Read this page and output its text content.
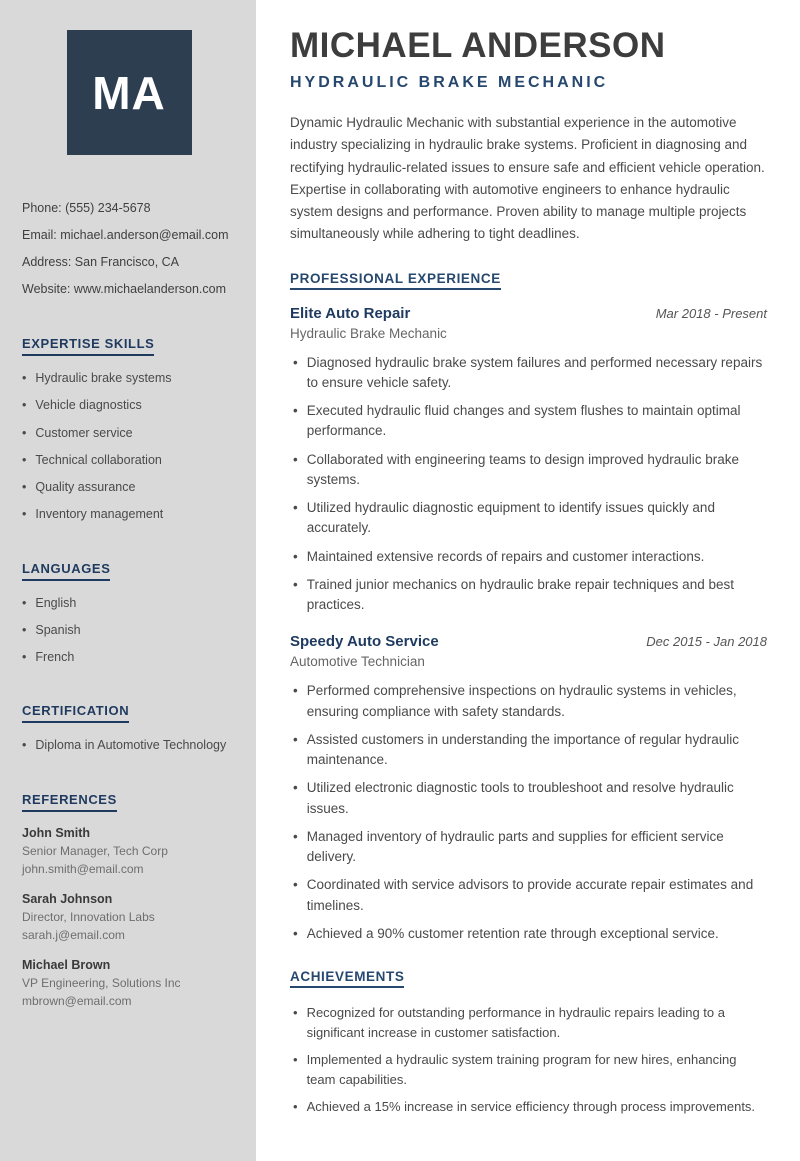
MA

Phone: (555) 234-5678

Email: michael.anderson@email.com

Address: San Francisco, CA

Website: www.michaelanderson.com

EXPERTISE SKILLS
• Hydraulic brake systems
• Vehicle diagnostics
• Customer service
• Technical collaboration
• Quality assurance
• Inventory management
LANGUAGES
• English
• Spanish
• French
CERTIFICATION
• Diploma in Automotive Technology
REFERENCES

John Smith

Senior Manager, Tech Corp

john.smith@email.com

Sarah Johnson

Director, Innovation Labs

sarah.j@email.com

Michael Brown

VP Engineering, Solutions Inc

mbrown@email.com

MICHAEL ANDERSON
HYDRAULIC BRAKE MECHANIC

Dynamic Hydraulic Mechanic with substantial experience in the automotive industry specializing in hydraulic brake systems. Proficient in diagnosing and rectifying hydraulic-related issues to ensure safe and efficient vehicle operation. Expertise in collaborating with automotive engineers to enhance hydraulic system designs and performance. Proven ability to manage multiple projects simultaneously while adhering to tight deadlines.

PROFESSIONAL EXPERIENCE
Elite Auto Repair	Mar 2018 - Present

Hydraulic Brake Mechanic

• Diagnosed hydraulic brake system failures and performed necessary repairs to ensure vehicle safety.
• Executed hydraulic fluid changes and system flushes to maintain optimal performance.
• Collaborated with engineering teams to design improved hydraulic brake systems.
• Utilized hydraulic diagnostic equipment to identify issues quickly and accurately.
• Maintained extensive records of repairs and customer interactions.
• Trained junior mechanics on hydraulic brake repair techniques and best practices.
Speedy Auto Service	Dec 2015 - Jan 2018

Automotive Technician

• Performed comprehensive inspections on hydraulic systems in vehicles, ensuring compliance with safety standards.
• Assisted customers in understanding the importance of regular hydraulic maintenance.
• Utilized electronic diagnostic tools to troubleshoot and resolve hydraulic issues.
• Managed inventory of hydraulic parts and supplies for efficient service delivery.
• Coordinated with service advisors to provide accurate repair estimates and timelines.
• Achieved a 90% customer retention rate through exceptional service.
ACHIEVEMENTS
• Recognized for outstanding performance in hydraulic repairs leading to a significant increase in customer satisfaction.
• Implemented a hydraulic system training program for new hires, enhancing team capabilities.
• Achieved a 15% increase in service efficiency through process improvements.
